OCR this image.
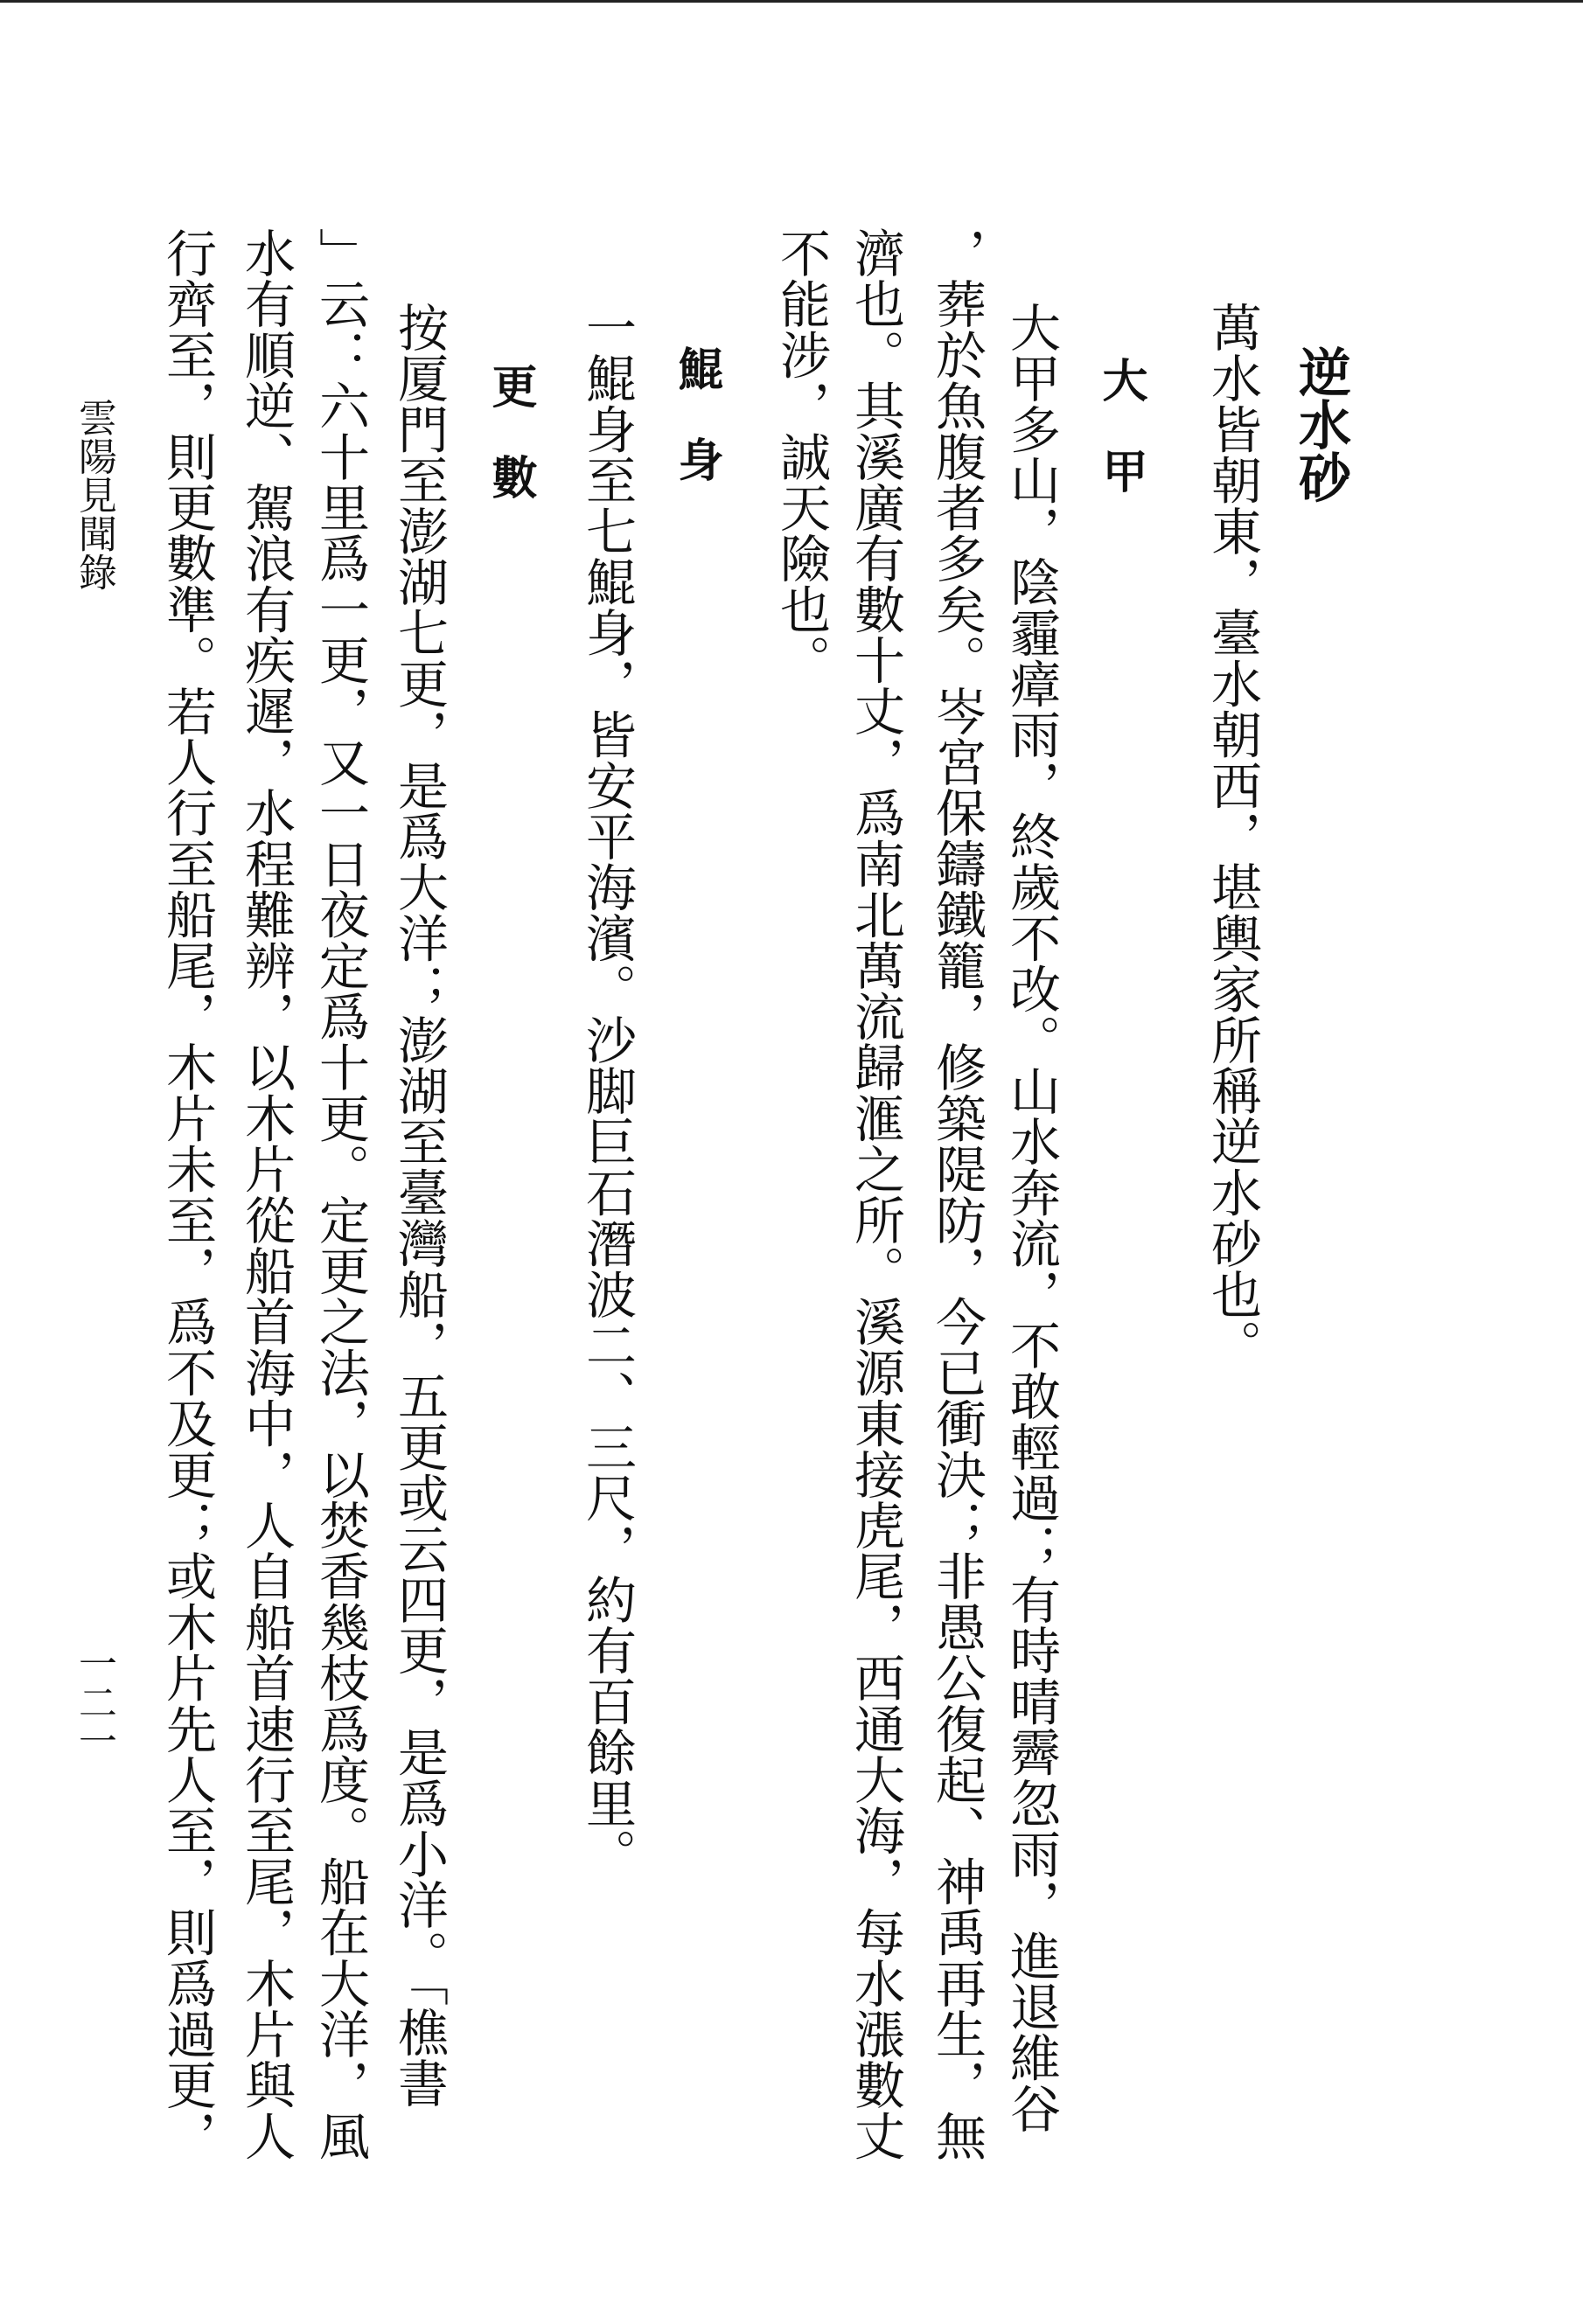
逆水砂
萬水皆朝東，臺水朝西，堪輿家所稱逆水砂也。
大　甲
大甲多山，陰霾瘴雨，終歲不改。山水奔流，不敢輕過；有時晴霽忽雨，進退維谷
，葬於魚腹者多矣。岑宮保鑄鐵籠，修築隄防，今已衝決；非愚公復起、神禹再生，無
濟也。其溪廣有數十丈，爲南北萬流歸滙之所。溪源東接虎尾，西通大海，每水漲數丈
不能涉，誠天險也。
鯤　身
一鯤身至七鯤身，皆安平海濱。沙脚巨石潛波二、三尺，約有百餘里。
更　數
按厦門至澎湖七更，是爲大洋；澎湖至臺灣船，五更或云四更，是爲小洋。「樵書
」云：六十里爲一更，又一日夜定爲十更。定更之法，以焚香幾枝爲度。船在大洋，風
水有順逆、駕浪有疾遲，水程難辨，以木片從船首海中，人自船首速行至尾，木片與人
行齊至，則更數準。若人行至船尾，木片未至，爲不及更；或木片先人至，則爲過更，
雲陽見聞錄
一二一
